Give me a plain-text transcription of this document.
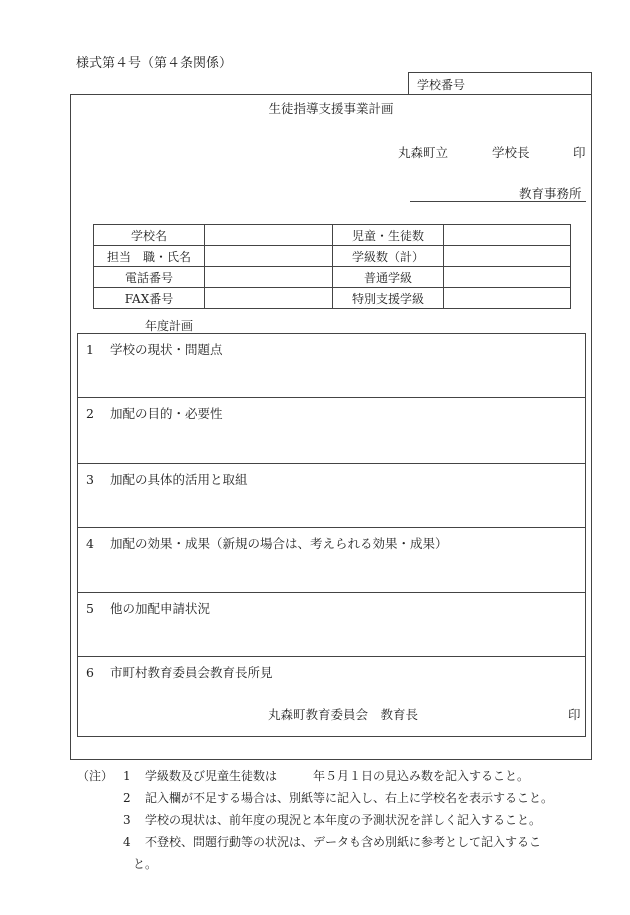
様式第４号（第４条関係）
学校番号
生徒指導支援事業計画
丸森町立	学校長	印
教育事務所
学校名		児童・生徒数	
担当　職・氏名		学級数（計）	
電話番号		普通学級	
FAX番号		特別支援学級	
年度計画
1 学校の現状・問題点
2 加配の目的・必要性
3 加配の具体的活用と取組
4 加配の効果・成果（新規の場合は、考えられる効果・成果）
5 他の加配申請状況
6 市町村教育委員会教育長所見
丸森町教育委員会　教育長	印
（注） 1 学級数及び児童生徒数は　　　年５月１日の見込み数を記入すること。
2 記入欄が不足する場合は、別紙等に記入し、右上に学校名を表示すること。
3 学校の現状は、前年度の現況と本年度の予測状況を詳しく記入すること。
4 不登校、問題行動等の状況は、データも含め別紙に参考として記入するこ
と。
